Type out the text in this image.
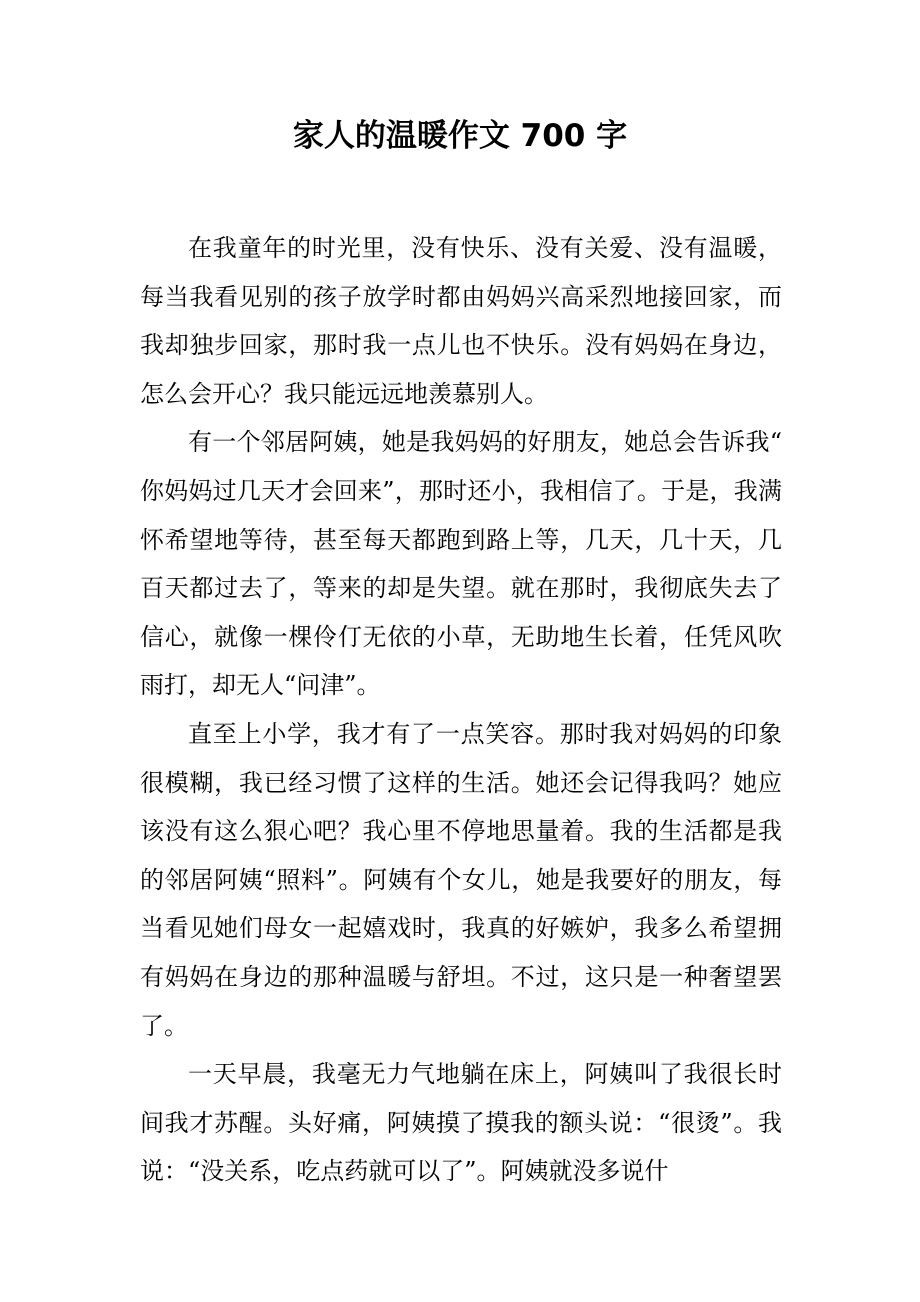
家人的温暖作文 700 字

在我童年的时光里，没有快乐、没有关爱、没有温暖，每当我看见别的孩子放学时都由妈妈兴高采烈地接回家，而我却独步回家，那时我一点儿也不快乐。没有妈妈在身边，怎么会开心？我只能远远地羡慕别人。

有一个邻居阿姨，她是我妈妈的好朋友，她总会告诉我“你妈妈过几天才会回来”，那时还小，我相信了。于是，我满怀希望地等待，甚至每天都跑到路上等，几天，几十天，几百天都过去了，等来的却是失望。就在那时，我彻底失去了信心，就像一棵伶仃无依的小草，无助地生长着，任凭风吹雨打，却无人“问津”。

直至上小学，我才有了一点笑容。那时我对妈妈的印象很模糊，我已经习惯了这样的生活。她还会记得我吗？她应该没有这么狠心吧？我心里不停地思量着。我的生活都是我的邻居阿姨“照料”。阿姨有个女儿，她是我要好的朋友，每当看见她们母女一起嬉戏时，我真的好嫉妒，我多么希望拥有妈妈在身边的那种温暖与舒坦。不过，这只是一种奢望罢了。

一天早晨，我毫无力气地躺在床上，阿姨叫了我很长时间我才苏醒。头好痛，阿姨摸了摸我的额头说：“很烫”。我说：“没关系，吃点药就可以了”。阿姨就没多说什
